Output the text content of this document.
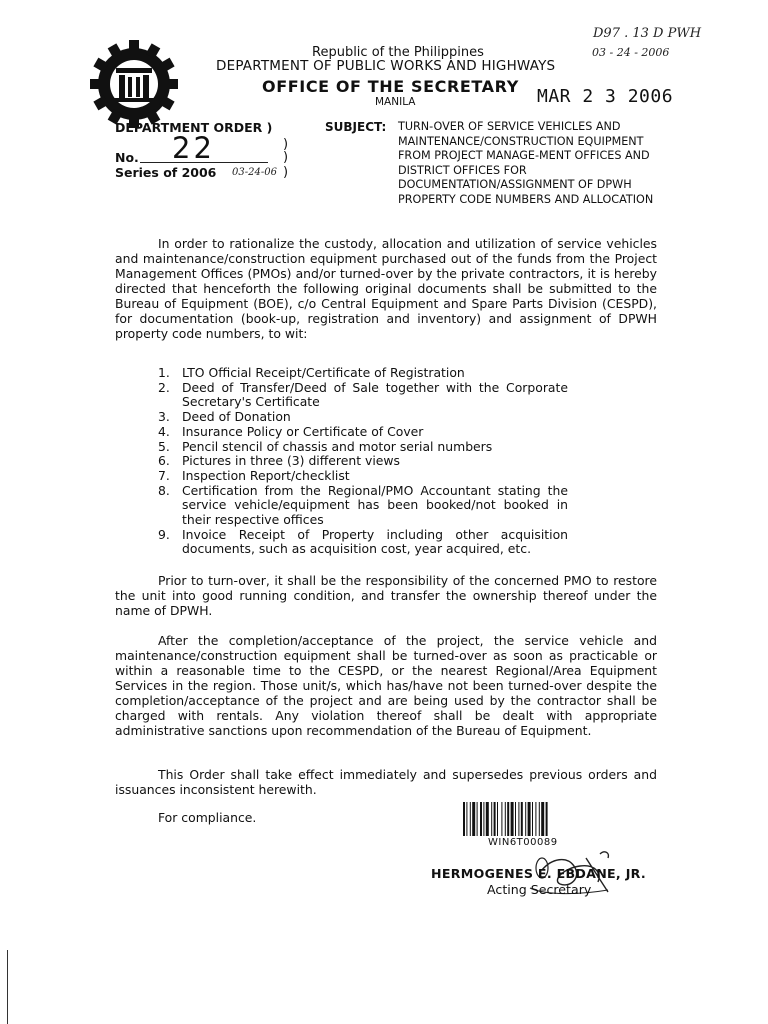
D97 . 13 D PWH
03 - 24 - 2006
Republic of the Philippines
DEPARTMENT OF PUBLIC WORKS AND HIGHWAYS
OFFICE OF THE SECRETARY
MANILA	MAR 2 3 2006
DEPARTMENT ORDER )
)
No. 22	)
Series of 2006 03-24-06 )
SUBJECT: TURN-OVER OF SERVICE VEHICLES AND MAINTENANCE/CONSTRUCTION EQUIPMENT FROM PROJECT MANAGE-MENT OFFICES AND DISTRICT OFFICES FOR DOCUMENTATION/ASSIGNMENT OF DPWH PROPERTY CODE NUMBERS AND ALLOCATION
In order to rationalize the custody, allocation and utilization of service vehicles and maintenance/construction equipment purchased out of the funds from the Project Management Offices (PMOs) and/or turned-over by the private contractors, it is hereby directed that henceforth the following original documents shall be submitted to the Bureau of Equipment (BOE), c/o Central Equipment and Spare Parts Division (CESPD), for documentation (book-up, registration and inventory) and assignment of DPWH property code numbers, to wit:
1. LTO Official Receipt/Certificate of Registration
2. Deed of Transfer/Deed of Sale together with the Corporate Secretary's Certificate
3. Deed of Donation
4. Insurance Policy or Certificate of Cover
5. Pencil stencil of chassis and motor serial numbers
6. Pictures in three (3) different views
7. Inspection Report/checklist
8. Certification from the Regional/PMO Accountant stating the service vehicle/equipment has been booked/not booked in their respective offices
9. Invoice Receipt of Property including other acquisition documents, such as acquisition cost, year acquired, etc.
Prior to turn-over, it shall be the responsibility of the concerned PMO to restore the unit into good running condition, and transfer the ownership thereof under the name of DPWH.
After the completion/acceptance of the project, the service vehicle and maintenance/construction equipment shall be turned-over as soon as practicable or within a reasonable time to the CESPD, or the nearest Regional/Area Equipment Services in the region. Those unit/s, which has/have not been turned-over despite the completion/acceptance of the project and are being used by the contractor shall be charged with rentals. Any violation thereof shall be dealt with appropriate administrative sanctions upon recommendation of the Bureau of Equipment.
This Order shall take effect immediately and supersedes previous orders and issuances inconsistent herewith.
For compliance.
WIN6T00089
HERMOGENES E. EBDANE, JR.
Acting Secretary
